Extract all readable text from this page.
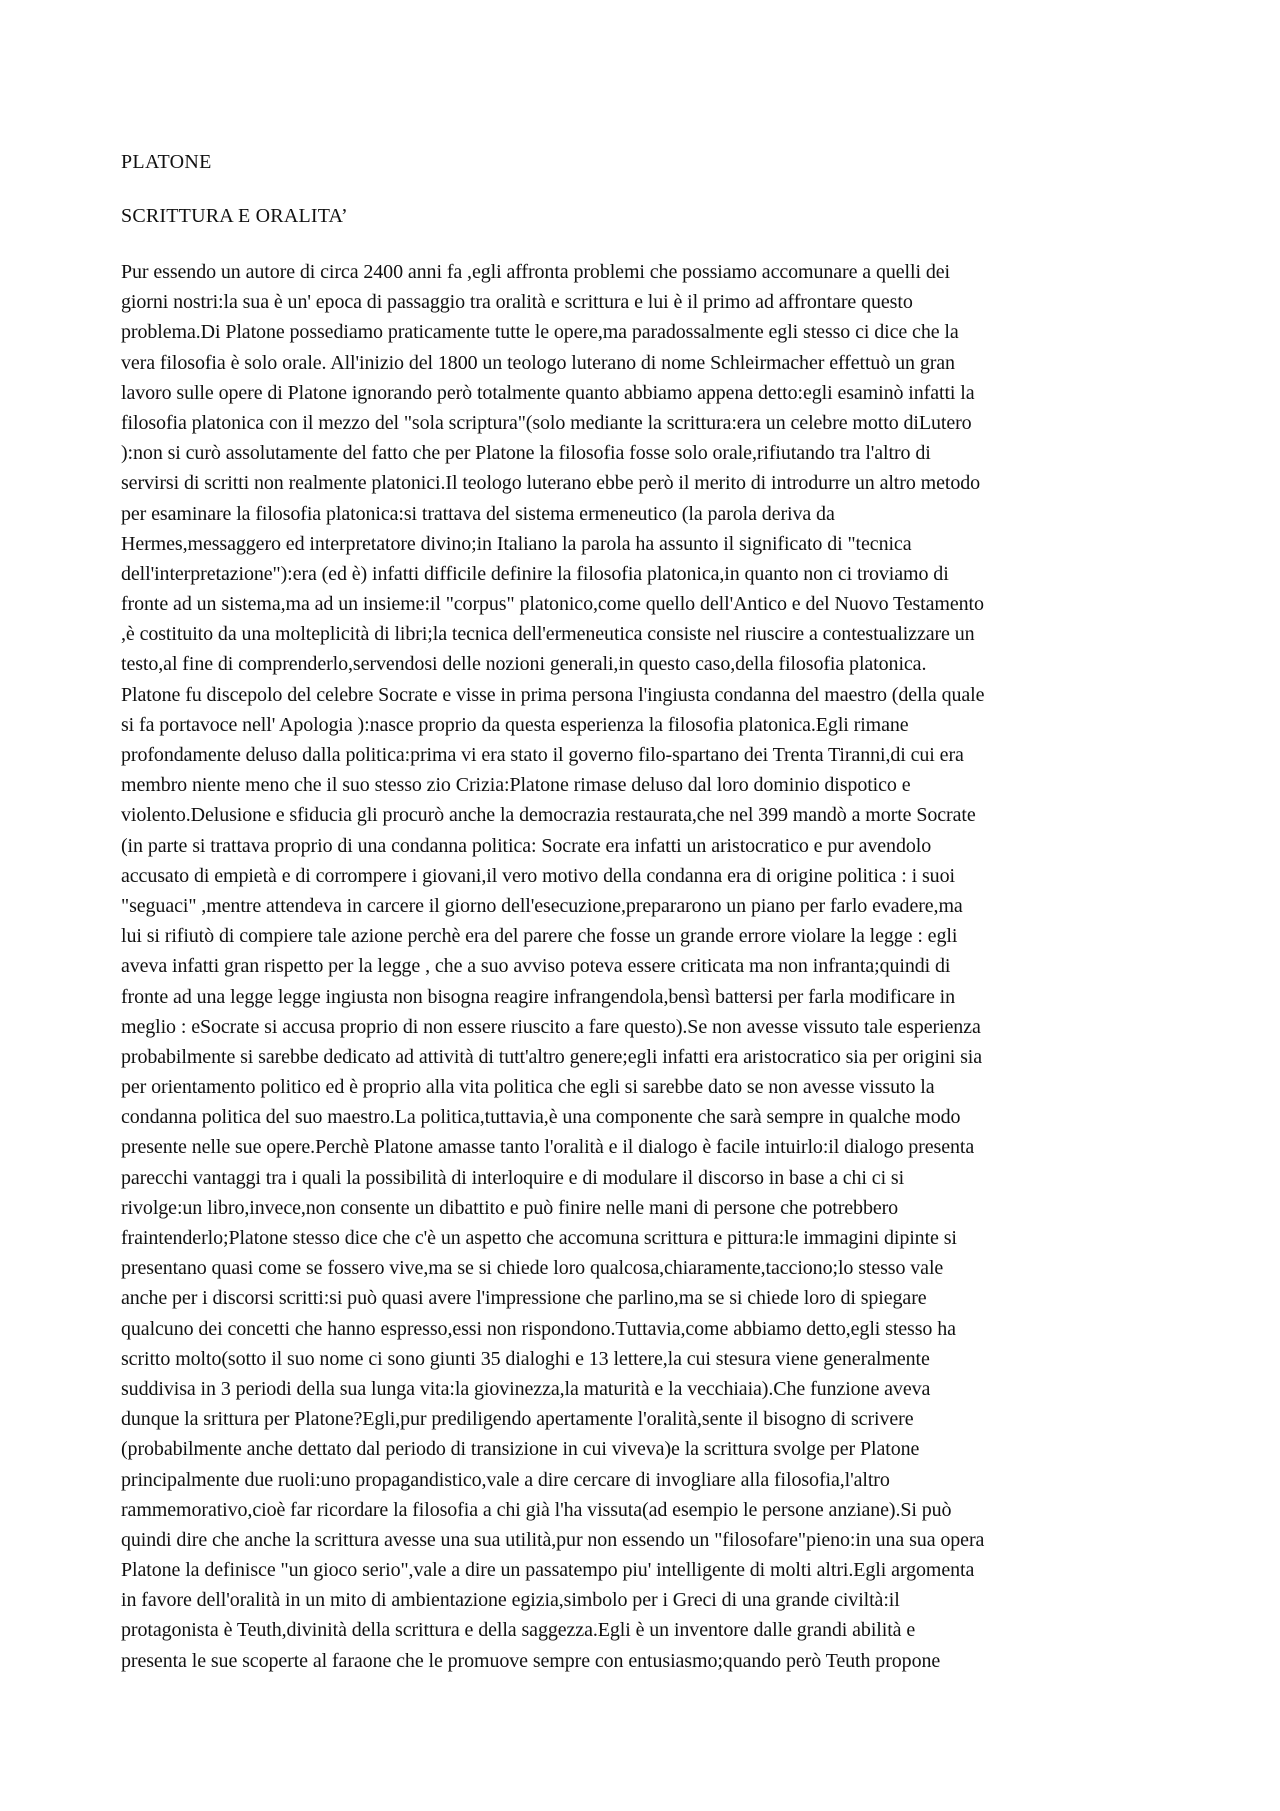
PLATONE
SCRITTURA E ORALITA’
Pur essendo un autore di circa 2400 anni fa ,egli affronta problemi che possiamo accomunare a quelli dei
giorni nostri:la sua è un' epoca di passaggio tra oralità e scrittura e lui è il primo ad affrontare questo
problema.Di Platone possediamo praticamente tutte le opere,ma paradossalmente egli stesso ci dice che la
vera filosofia è solo orale. All'inizio del 1800 un teologo luterano di nome Schleirmacher effettuò un gran
lavoro sulle opere di Platone ignorando però totalmente quanto abbiamo appena detto:egli esaminò infatti la
filosofia platonica con il mezzo del "sola scriptura"(solo mediante la scrittura:era un celebre motto diLutero
):non si curò assolutamente del fatto che per Platone la filosofia fosse solo orale,rifiutando tra l'altro di
servirsi di scritti non realmente platonici.Il teologo luterano ebbe però il merito di introdurre un altro metodo
per esaminare la filosofia platonica:si trattava del sistema ermeneutico (la parola deriva da
Hermes,messaggero ed interpretatore divino;in Italiano la parola ha assunto il significato di "tecnica
dell'interpretazione"):era (ed è) infatti difficile definire la filosofia platonica,in quanto non ci troviamo di
fronte ad un sistema,ma ad un insieme:il "corpus" platonico,come quello dell'Antico e del Nuovo Testamento
,è costituito da una molteplicità di libri;la tecnica dell'ermeneutica consiste nel riuscire a contestualizzare un
testo,al fine di comprenderlo,servendosi delle nozioni generali,in questo caso,della filosofia platonica.
Platone fu discepolo del celebre Socrate e visse in prima persona l'ingiusta condanna del maestro (della quale
si fa portavoce nell' Apologia ):nasce proprio da questa esperienza la filosofia platonica.Egli rimane
profondamente deluso dalla politica:prima vi era stato il governo filo-spartano dei Trenta Tiranni,di cui era
membro niente meno che il suo stesso zio Crizia:Platone rimase deluso dal loro dominio dispotico e
violento.Delusione e sfiducia gli procurò anche la democrazia restaurata,che nel 399 mandò a morte Socrate
(in parte si trattava proprio di una condanna politica: Socrate era infatti un aristocratico e pur avendolo
accusato di empietà e di corrompere i giovani,il vero motivo della condanna era di origine politica : i suoi
"seguaci" ,mentre attendeva in carcere il giorno dell'esecuzione,prepararono un piano per farlo evadere,ma
lui si rifiutò di compiere tale azione perchè era del parere che fosse un grande errore violare la legge : egli
aveva infatti gran rispetto per la legge , che a suo avviso poteva essere criticata ma non infranta;quindi di
fronte ad una legge legge ingiusta non bisogna reagire infrangendola,bensì battersi per farla modificare in
meglio : eSocrate si accusa proprio di non essere riuscito a fare questo).Se non avesse vissuto tale esperienza
probabilmente si sarebbe dedicato ad attività di tutt'altro genere;egli infatti era aristocratico sia per origini sia
per orientamento politico ed è proprio alla vita politica che egli si sarebbe dato se non avesse vissuto la
condanna politica del suo maestro.La politica,tuttavia,è una componente che sarà sempre in qualche modo
presente nelle sue opere.Perchè Platone amasse tanto l'oralità e il dialogo è facile intuirlo:il dialogo presenta
parecchi vantaggi tra i quali la possibilità di interloquire e di modulare il discorso in base a chi ci si
rivolge:un libro,invece,non consente un dibattito e può finire nelle mani di persone che potrebbero
fraintenderlo;Platone stesso dice che c'è un aspetto che accomuna scrittura e pittura:le immagini dipinte si
presentano quasi come se fossero vive,ma se si chiede loro qualcosa,chiaramente,tacciono;lo stesso vale
anche per i discorsi scritti:si può quasi avere l'impressione che parlino,ma se si chiede loro di spiegare
qualcuno dei concetti che hanno espresso,essi non rispondono.Tuttavia,come abbiamo detto,egli stesso ha
scritto molto(sotto il suo nome ci sono giunti 35 dialoghi e 13 lettere,la cui stesura viene generalmente
suddivisa in 3 periodi della sua lunga vita:la giovinezza,la maturità e la vecchiaia).Che funzione aveva
dunque la srittura per Platone?Egli,pur prediligendo apertamente l'oralità,sente il bisogno di scrivere
(probabilmente anche dettato dal periodo di transizione in cui viveva)e la scrittura svolge per Platone
principalmente due ruoli:uno propagandistico,vale a dire cercare di invogliare alla filosofia,l'altro
rammemorativo,cioè far ricordare la filosofia a chi già l'ha vissuta(ad esempio le persone anziane).Si può
quindi dire che anche la scrittura avesse una sua utilità,pur non essendo un "filosofare"pieno:in una sua opera
Platone la definisce "un gioco serio",vale a dire un passatempo piu' intelligente di molti altri.Egli argomenta
in favore dell'oralità in un mito di ambientazione egizia,simbolo per i Greci di una grande civiltà:il
protagonista è Teuth,divinità della scrittura e della saggezza.Egli è un inventore dalle grandi abilità e
presenta le sue scoperte al faraone che le promuove sempre con entusiasmo;quando però Teuth propone
